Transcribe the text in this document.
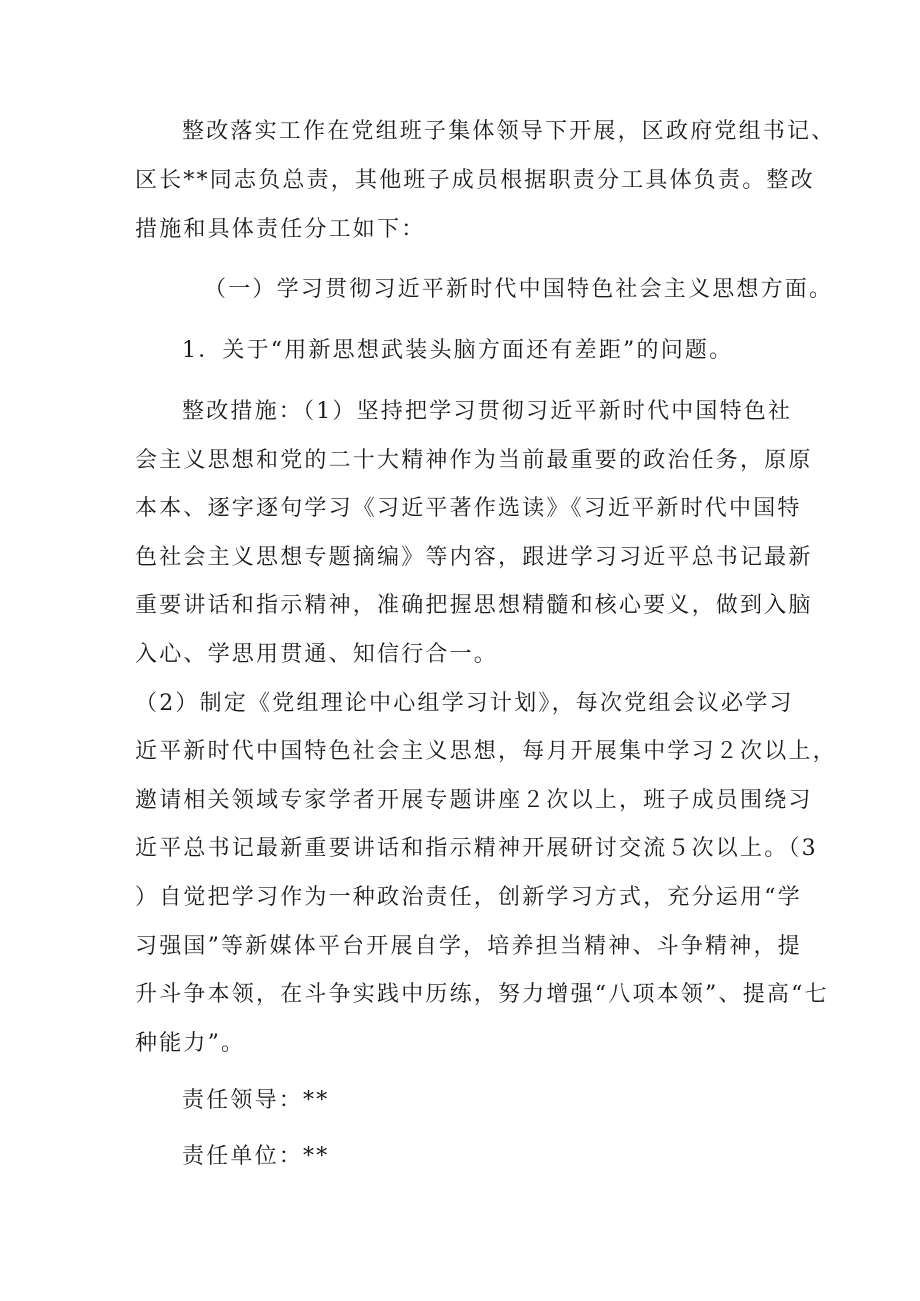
整改落实工作在党组班子集体领导下开展，区政府党组书记、
区长**同志负总责，其他班子成员根据职责分工具体负责。整改
措施和具体责任分工如下：
（一）学习贯彻习近平新时代中国特色社会主义思想方面。
1．关于“用新思想武装头脑方面还有差距”的问题。
整改措施：（1）坚持把学习贯彻习近平新时代中国特色社
会主义思想和党的二十大精神作为当前最重要的政治任务，原原
本本、逐字逐句学习《习近平著作选读》《习近平新时代中国特
色社会主义思想专题摘编》等内容，跟进学习习近平总书记最新
重要讲话和指示精神，准确把握思想精髓和核心要义，做到入脑
入心、学思用贯通、知信行合一。
（2）制定《党组理论中心组学习计划》，每次党组会议必学习
近平新时代中国特色社会主义思想，每月开展集中学习２次以上，
邀请相关领域专家学者开展专题讲座２次以上，班子成员围绕习
近平总书记最新重要讲话和指示精神开展研讨交流５次以上。（3
）自觉把学习作为一种政治责任，创新学习方式，充分运用“学
习强国”等新媒体平台开展自学，培养担当精神、斗争精神，提
升斗争本领，在斗争实践中历练，努力增强“八项本领”、提高“七
种能力”。
责任领导：**
责任单位：**
